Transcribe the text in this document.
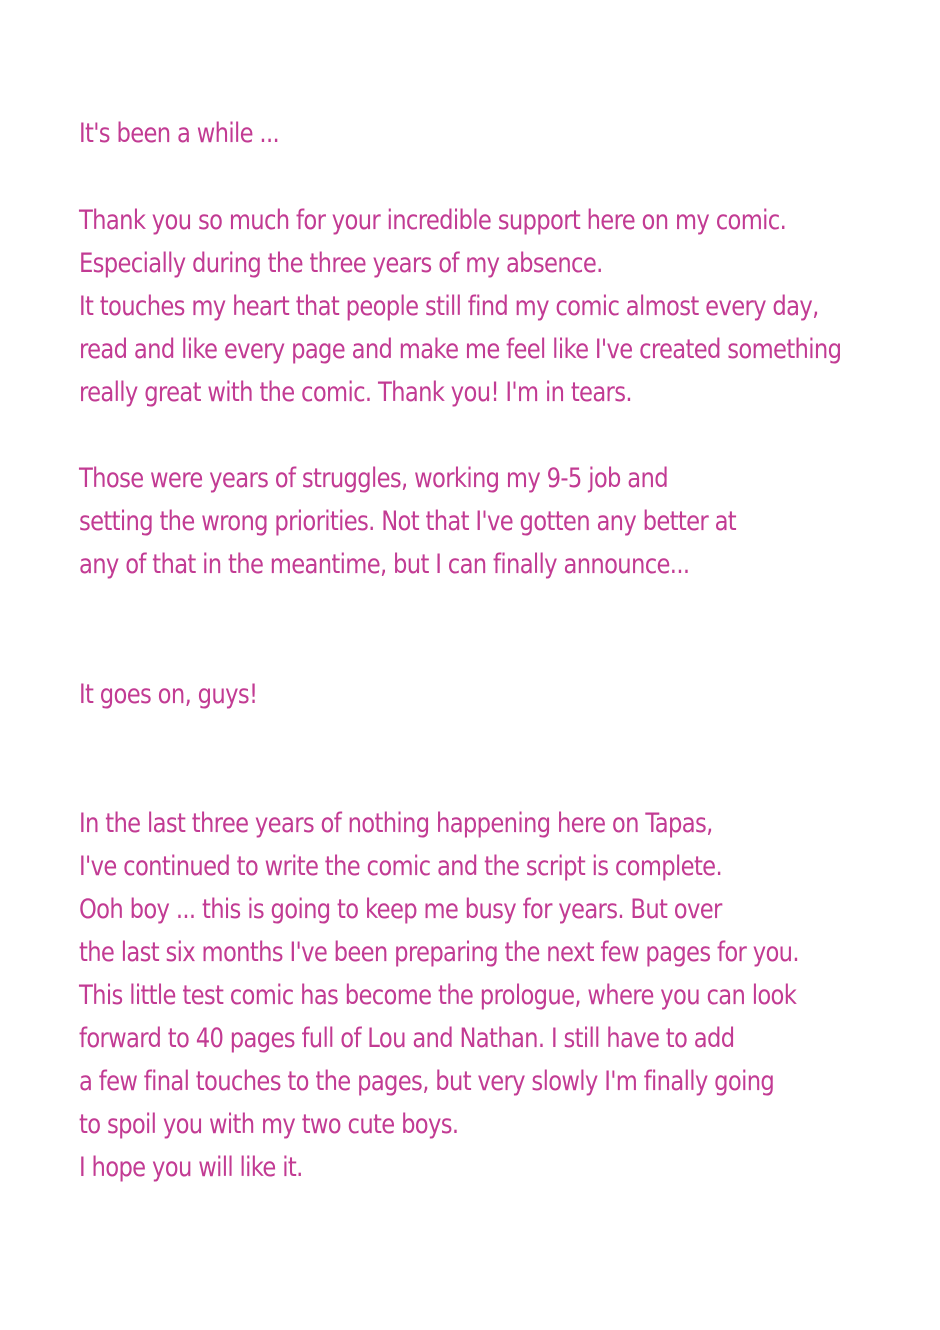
It's been a while ...
Thank you so much for your incredible support here on my comic.
Especially during the three years of my absence.
It touches my heart that people still find my comic almost every day,
read and like every page and make me feel like I've created something
really great with the comic. Thank you! I'm in tears.
Those were years of struggles, working my 9-5 job and
setting the wrong priorities. Not that I've gotten any better at
any of that in the meantime, but I can finally announce...
It goes on, guys!
In the last three years of nothing happening here on Tapas,
I've continued to write the comic and the script is complete.
Ooh boy ... this is going to keep me busy for years. But over
the last six months I've been preparing the next few pages for you.
This little test comic has become the prologue, where you can look
forward to 40 pages full of Lou and Nathan. I still have to add
a few final touches to the pages, but very slowly I'm finally going
to spoil you with my two cute boys.
I hope you will like it.
